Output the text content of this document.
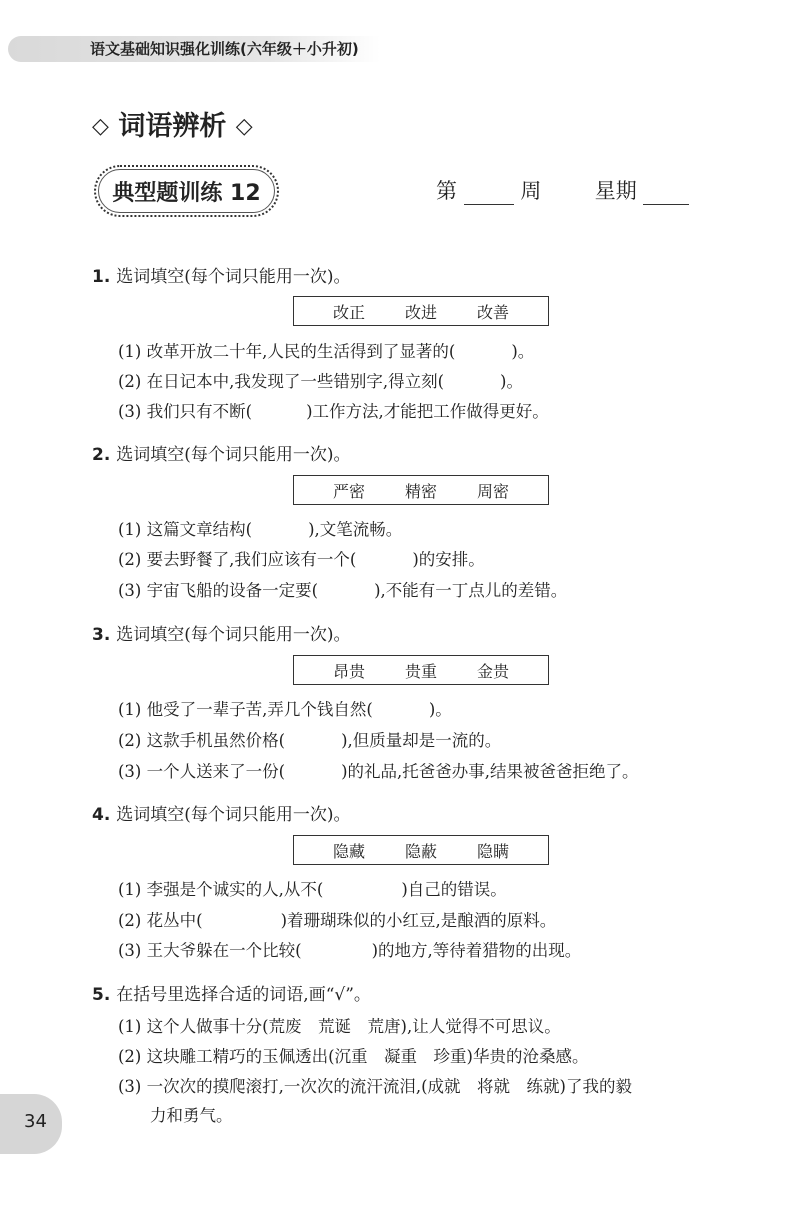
语文基础知识强化训练(六年级＋小升初)
◇ 词语辨析 ◇
典型题训练 12	第	周	星期
1. 选词填空(每个词只能用一次)。
改正	改进	改善
(1) 改革开放二十年,人民的生活得到了显著的(	)。
(2) 在日记本中,我发现了一些错别字,得立刻(	)。
(3) 我们只有不断(	)工作方法,才能把工作做得更好。
2. 选词填空(每个词只能用一次)。
严密	精密	周密
(1) 这篇文章结构(	),文笔流畅。
(2) 要去野餐了,我们应该有一个(	)的安排。
(3) 宇宙飞船的设备一定要(	),不能有一丁点儿的差错。
3. 选词填空(每个词只能用一次)。
昂贵	贵重	金贵
(1) 他受了一辈子苦,弄几个钱自然(	)。
(2) 这款手机虽然价格(	),但质量却是一流的。
(3) 一个人送来了一份(	)的礼品,托爸爸办事,结果被爸爸拒绝了。
4. 选词填空(每个词只能用一次)。
隐藏	隐蔽	隐瞒
(1) 李强是个诚实的人,从不(	)自己的错误。
(2) 花丛中(	)着珊瑚珠似的小红豆,是酿酒的原料。
(3) 王大爷躲在一个比较(	)的地方,等待着猎物的出现。
5. 在括号里选择合适的词语,画“√”。
(1) 这个人做事十分(荒废　荒诞　荒唐),让人觉得不可思议。
(2) 这块雕工精巧的玉佩透出(沉重　凝重　珍重)华贵的沧桑感。
(3) 一次次的摸爬滚打,一次次的流汗流泪,(成就　将就　练就)了我的毅
力和勇气。
34
